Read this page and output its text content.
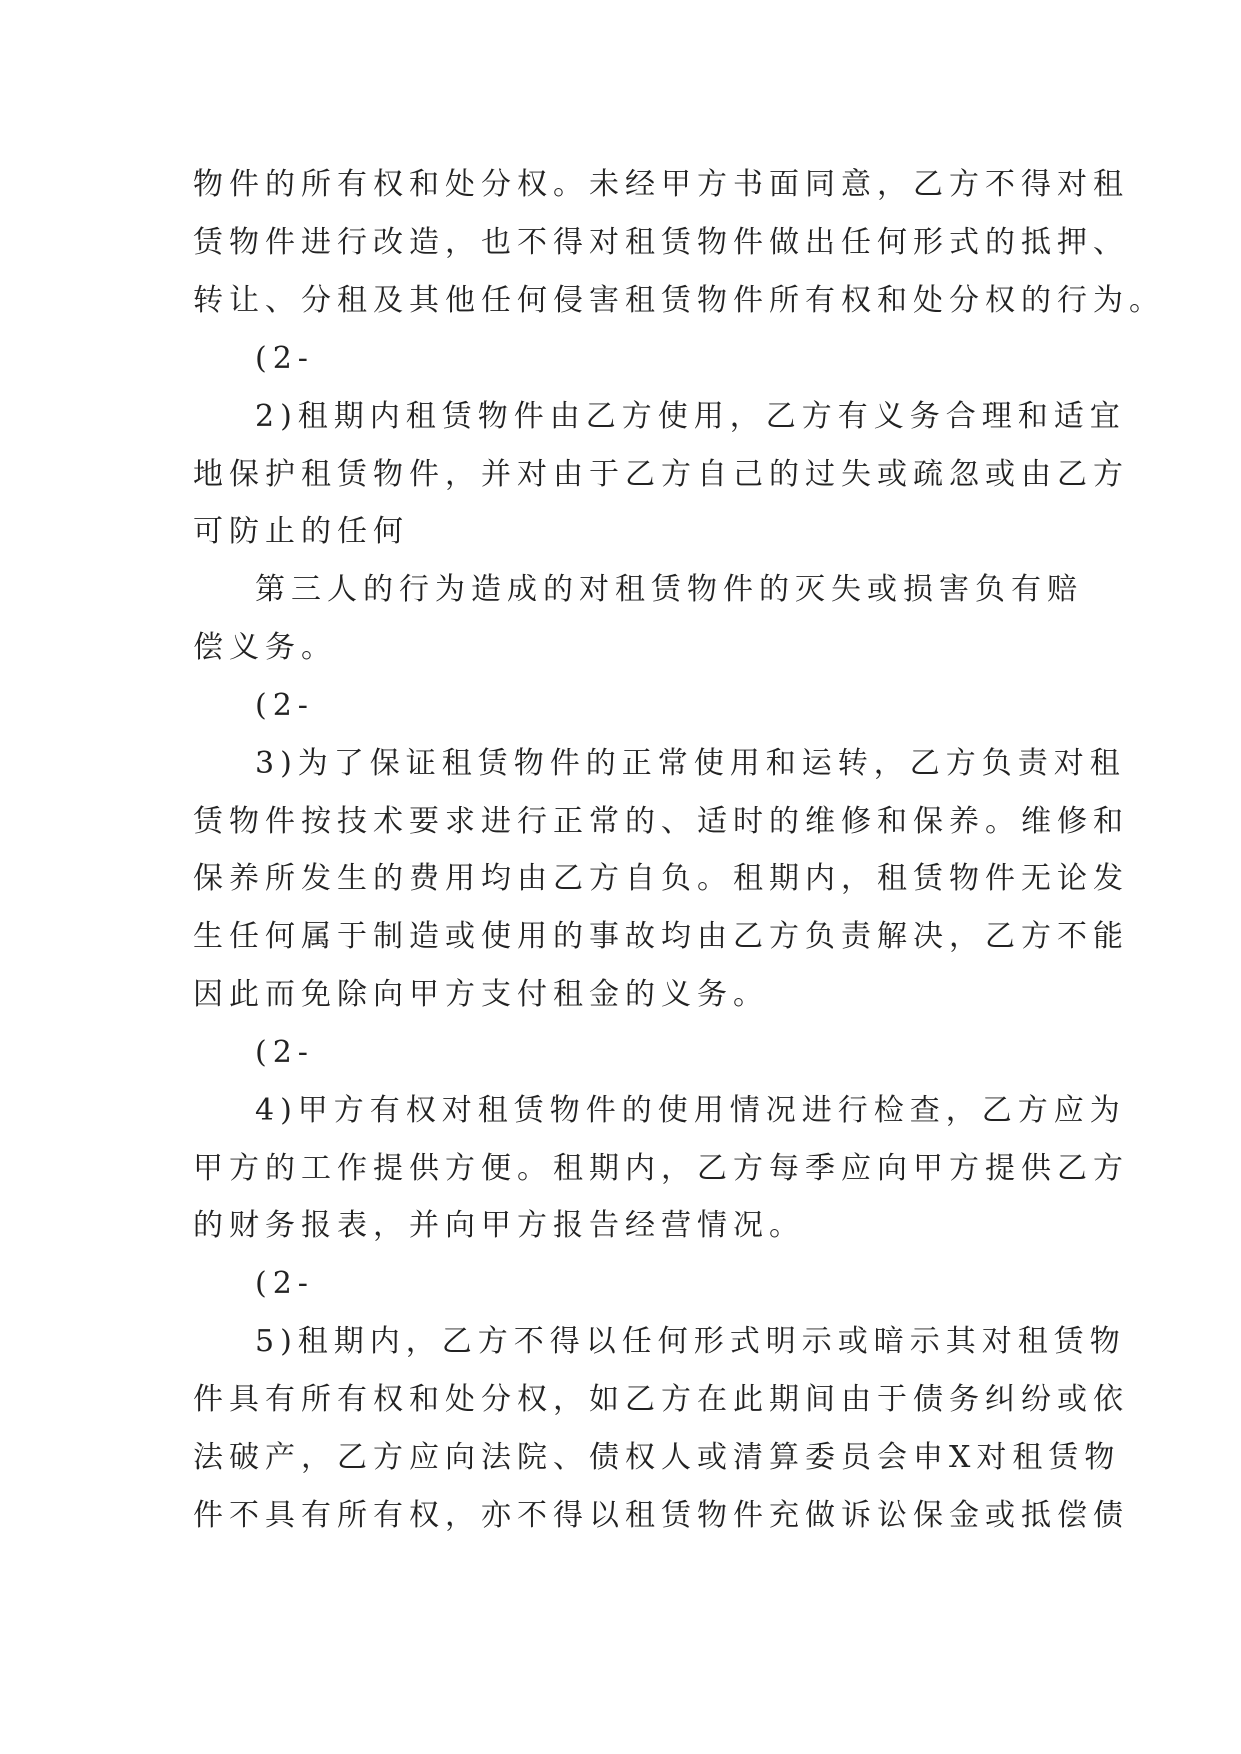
物件的所有权和处分权。未经甲方书面同意，乙方不得对租
赁物件进行改造，也不得对租赁物件做出任何形式的抵押、
转让、分租及其他任何侵害租赁物件所有权和处分权的行为。
(2-
2)租期内租赁物件由乙方使用，乙方有义务合理和适宜
地保护租赁物件，并对由于乙方自己的过失或疏忽或由乙方
可防止的任何
第三人的行为造成的对租赁物件的灭失或损害负有赔
偿义务。
(2-
3)为了保证租赁物件的正常使用和运转，乙方负责对租
赁物件按技术要求进行正常的、适时的维修和保养。维修和
保养所发生的费用均由乙方自负。租期内，租赁物件无论发
生任何属于制造或使用的事故均由乙方负责解决，乙方不能
因此而免除向甲方支付租金的义务。
(2-
4)甲方有权对租赁物件的使用情况进行检查，乙方应为
甲方的工作提供方便。租期内，乙方每季应向甲方提供乙方
的财务报表，并向甲方报告经营情况。
(2-
5)租期内，乙方不得以任何形式明示或暗示其对租赁物
件具有所有权和处分权，如乙方在此期间由于债务纠纷或依
法破产，乙方应向法院、债权人或清算委员会申X对租赁物
件不具有所有权，亦不得以租赁物件充做诉讼保金或抵偿债
